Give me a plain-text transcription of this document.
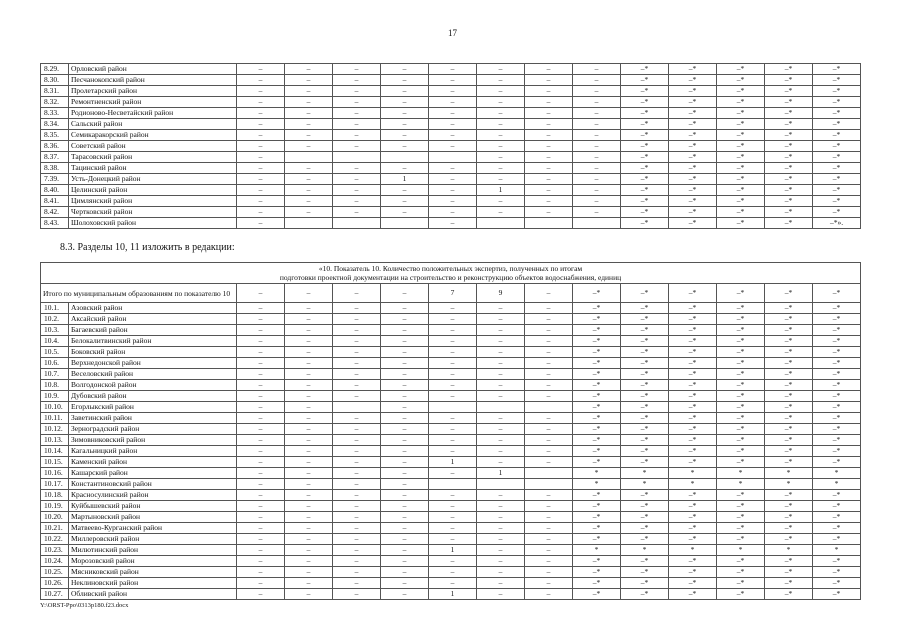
17
8.29.	Орловский район	–	–	–	–	–	–	–	–	–*	–*	–*	–*	–*
8.30.	Песчанокопский район	–	–	–	–	–	–	–	–	–*	–*	–*	–*	–*
8.31.	Пролетарский район	–	–	–	–	–	–	–	–	–*	–*	–*	–*	–*
8.32.	Ремонтненский район	–	–	–	–	–	–	–	–	–*	–*	–*	–*	–*
8.33.	Родионово-Несветайский район	–	–	–	–	–	–	–	–	–*	–*	–*	–*	–*
8.34.	Сальский район	–	–	–	–	–	–	–	–	–*	–*	–*	–*	–*
8.35.	Семикаракорский район	–	–	–	–	–	–	–	–	–*	–*	–*	–*	–*
8.36.	Советский район	–	–	–	–	–	–	–	–	–*	–*	–*	–*	–*
8.37.	Тарасовский район	–					–	–	–	–*	–*	–*	–*	–*
8.38.	Тацинский район	–	–	–	–	–	–	–	–	–*	–*	–*	–*	–*
7.39.	Усть-Донецкий район	–	–	–	1	–	–	–	–	–*	–*	–*	–*	–*
8.40.	Целинский район	–	–	–	–	–	1	–	–	–*	–*	–*	–*	–*
8.41.	Цимлянский район	–	–	–	–	–	–	–	–	–*	–*	–*	–*	–*
8.42.	Чертковский район	–	–	–	–	–	–	–	–	–*	–*	–*	–*	–*
8.43.	Шолоховский район	–				–				–*	–*	–*	–*	–*».
8.3. Разделы 10, 11 изложить в редакции:
«10. Показатель 10. Количество положительных экспертиз, полученных по итогам
подготовки проектной документации на строительство и реконструкцию объектов водоснабжения, единиц														
Итого по муниципальным образованиям по показателю 10		–	–	–	–	7	9	–	–*	–*	–*	–*	–*	–*
10.1.	Азовский район	–	–	–	–	–	–	–	–*	–*	–*	–*	–*	–*
10.2.	Аксайский район	–	–	–	–	–	–	–	–*	–*	–*	–*	–*	–*
10.3.	Багаевский район	–	–	–	–	–	–	–	–*	–*	–*	–*	–*	–*
10.4.	Белокалитвинский район	–	–	–	–	–	–	–	–*	–*	–*	–*	–*	–*
10.5.	Боковский район	–	–	–	–	–	–	–	–*	–*	–*	–*	–*	–*
10.6.	Верхнедонской район	–	–	–	–	–	–	–	–*	–*	–*	–*	–*	–*
10.7.	Веселовский район	–	–	–	–	–	–	–	–*	–*	–*	–*	–*	–*
10.8.	Волгодонской район	–	–	–	–	–	–	–	–*	–*	–*	–*	–*	–*
10.9.	Дубовский район	–	–	–	–	–	–	–	–*	–*	–*	–*	–*	–*
10.10.	Егорлыкский район	–	–		–				–*	–*	–*	–*	–*	–*
10.11.	Заветинский район	–	–	–	–	–	–	–	–*	–*	–*	–*	–*	–*
10.12.	Зерноградский район	–	–	–	–	–	–	–	–*	–*	–*	–*	–*	–*
10.13.	Зимовниковский район	–	–	–	–	–	–	–	–*	–*	–*	–*	–*	–*
10.14.	Кагальницкий район	–	–	–	–	–	–	–	–*	–*	–*	–*	–*	–*
10.15.	Каменский район	–	–	–	–	1	–	–	–*	–*	–*	–*	–*	–*
10.16.	Кашарский район	–	–	–	–	–	1		*	*	*	*	*	*
10.17.	Константиновский район	–	–	–	–				*	*	*	*	*	*
10.18.	Красносулинский район	–	–	–	–	–	–	–	–*	–*	–*	–*	–*	–*
10.19.	Куйбышевский район	–	–	–	–	–	–	–	–*	–*	–*	–*	–*	–*
10.20.	Мартыновский район	–	–	–	–	–	–	–	–*	–*	–*	–*	–*	–*
10.21.	Матвеево-Курганский район	–	–	–	–	–	–	–	–*	–*	–*	–*	–*	–*
10.22.	Миллеровский район	–	–	–	–	–	–	–	–*	–*	–*	–*	–*	–*
10.23.	Милютинский район	–	–	–	–	1	–	–	*	*	*	*	*	*
10.24.	Морозовский район	–	–	–	–	–	–	–	–*	–*	–*	–*	–*	–*
10.25.	Мясниковский район	–	–	–	–	–	–	–	–*	–*	–*	–*	–*	–*
10.26.	Неклиновский район	–	–	–	–	–	–	–	–*	–*	–*	–*	–*	–*
10.27.	Обливский район	–	–	–	–	1	–	–	–*	–*	–*	–*	–*	–*
Y:\ORST-Ppo\0313p180.f23.docx
